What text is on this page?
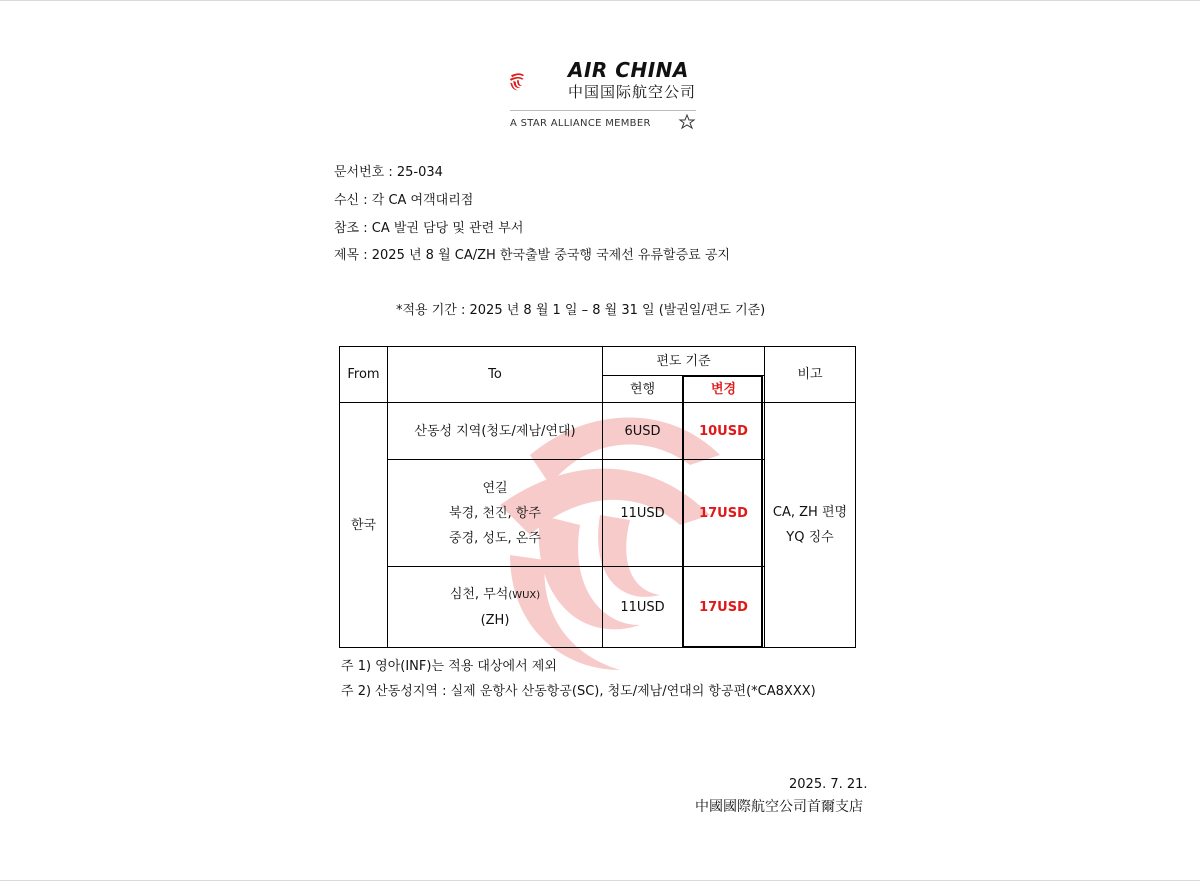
AIR CHINA
中国国际航空公司
A STAR ALLIANCE MEMBER
문서번호 : 25-034
수신 : 각 CA 여객대리점
참조 : CA 발권 담당 및 관련 부서
제목 : 2025 년 8 월 CA/ZH 한국출발 중국행 국제선 유류할증료 공지
*적용 기간 : 2025 년 8 월 1 일 – 8 월 31 일 (발권일/편도 기준)
From	To	편도 기준		비고
		현행	변경	
한국	산동성 지역(청도/제남/연대)	6USD	10USD	CA, ZH 편명
YQ 징수

	연길
북경, 천진, 항주
중경, 성도, 온주	11USD	17USD	

	심천, 무석(WUX)
(ZH)	11USD	17USD	
주 1) 영아(INF)는 적용 대상에서 제외
주 2) 산동성지역 : 실제 운항사 산동항공(SC), 청도/제남/연대의 항공편(*CA8XXX)
2025. 7. 21.
中國國際航空公司首爾支店
